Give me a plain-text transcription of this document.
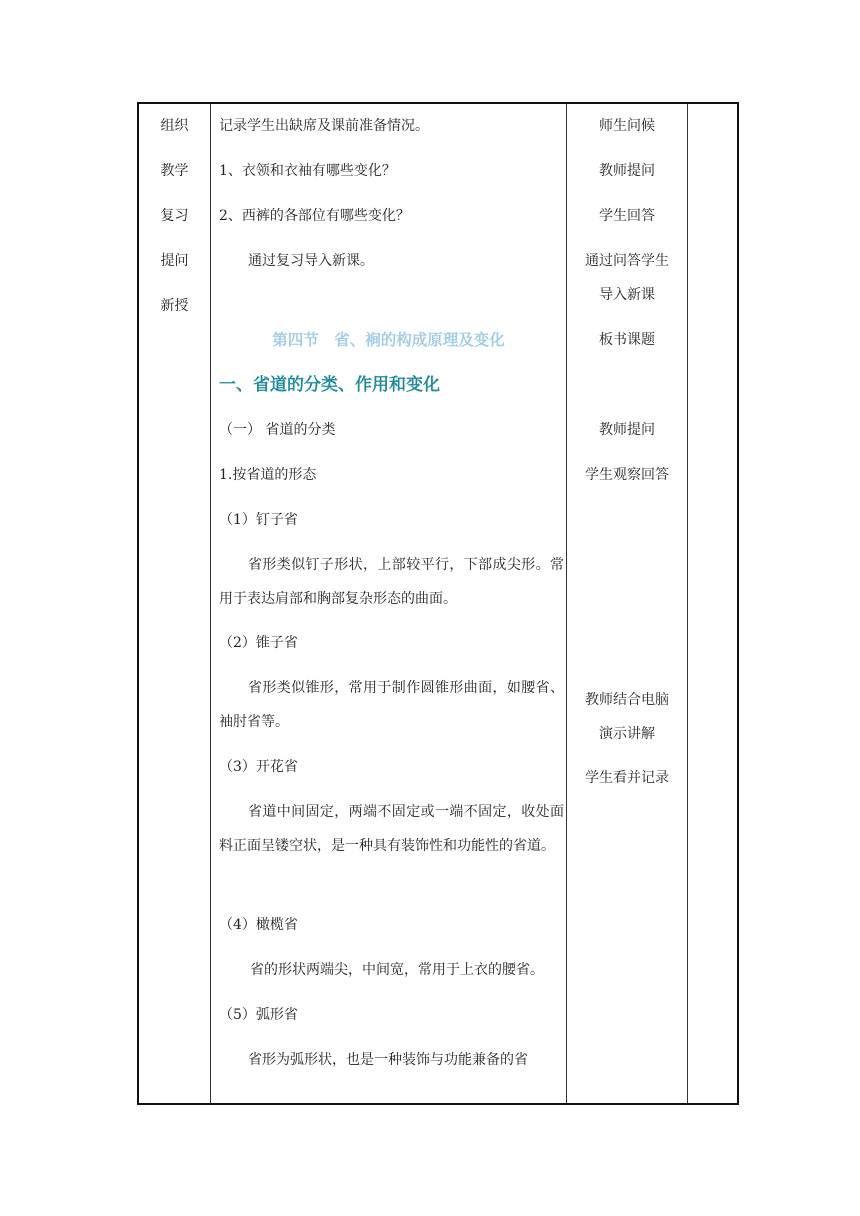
组织
教学
复习
提问
新授
记录学生出缺席及课前准备情况。
1、衣领和衣袖有哪些变化？
2、西裤的各部位有哪些变化？
通过复习导入新课。
第四节　省、裥的构成原理及变化
一、省道的分类、作用和变化
（一） 省道的分类
1.按省道的形态
（1）钉子省
省形类似钉子形状，上部较平行，下部成尖形。常用于表达肩部和胸部复杂形态的曲面。
（2）锥子省
省形类似锥形，常用于制作圆锥形曲面，如腰省、袖肘省等。
（3）开花省
省道中间固定，两端不固定或一端不固定，收处面料正面呈镂空状，是一种具有装饰性和功能性的省道。
（4）橄榄省
省的形状两端尖，中间宽，常用于上衣的腰省。
（5）弧形省
省形为弧形状，也是一种装饰与功能兼备的省
师生问候
教师提问
学生回答
通过问答学生导入新课
板书课题
教师提问
学生观察回答
教师结合电脑演示讲解
学生看并记录
